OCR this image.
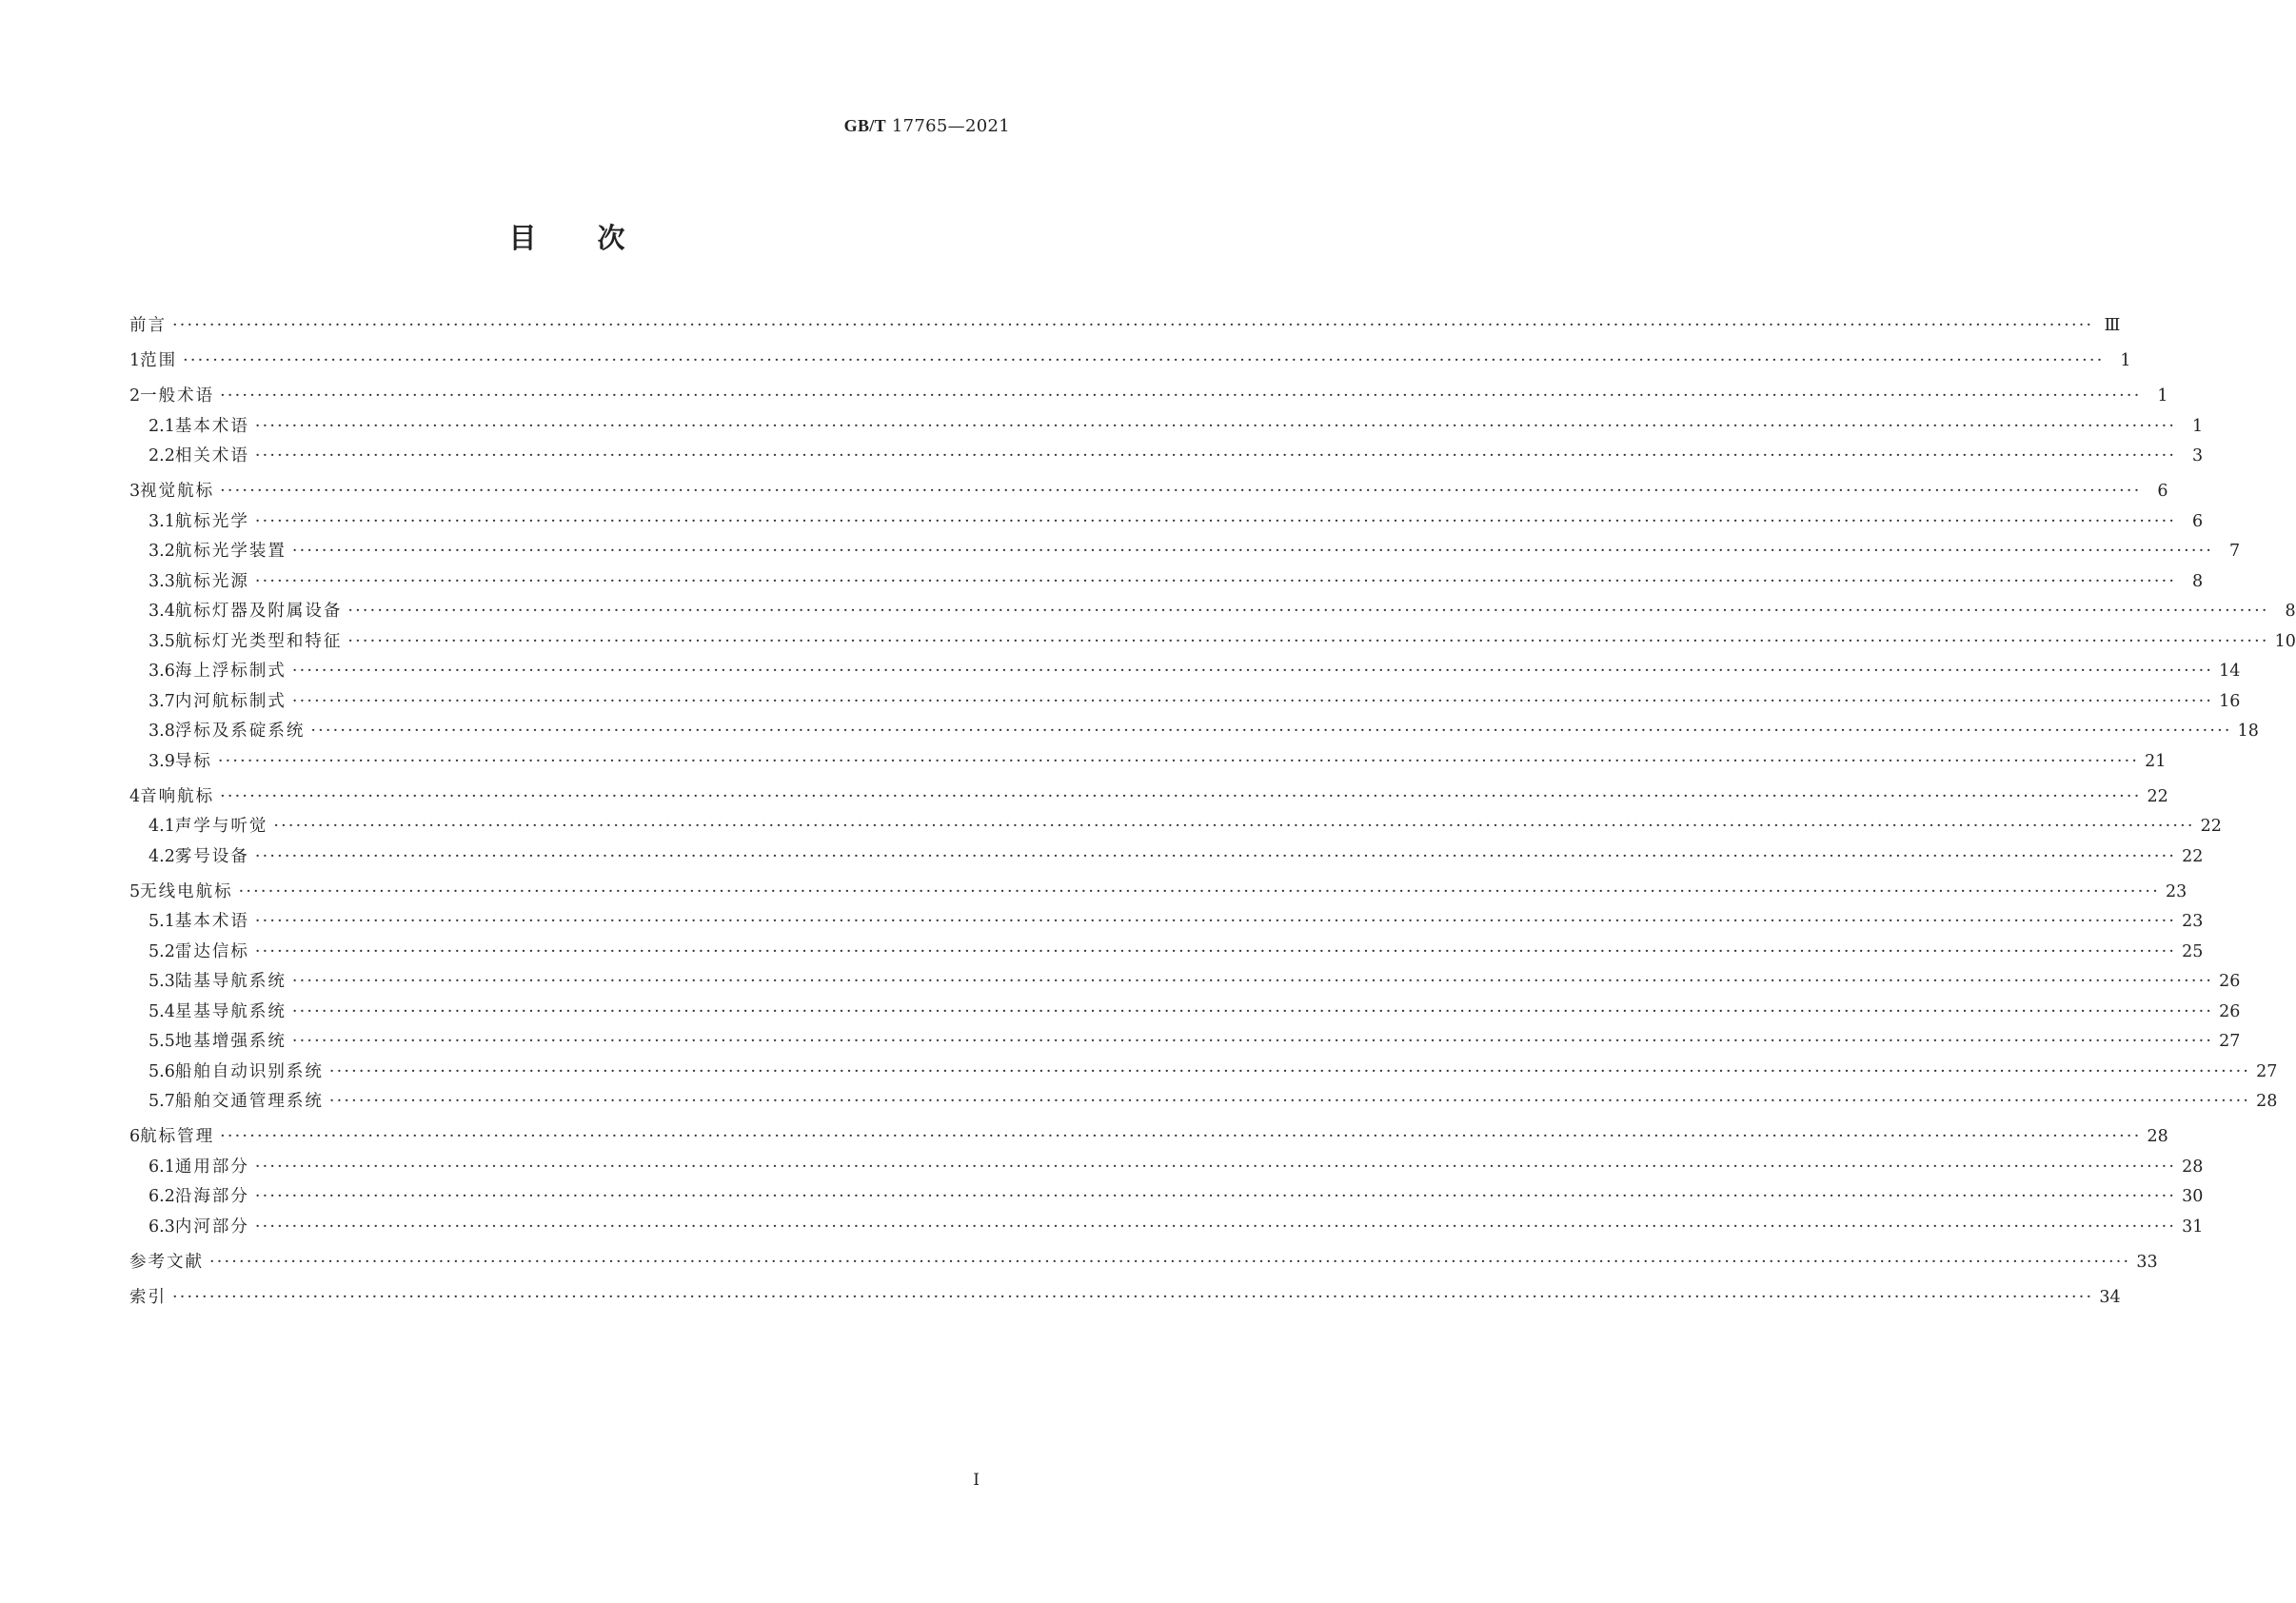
GB/T 17765—2021
目次
前言 ···································································································································································································································································· Ⅲ
1 范围 ···································································································································································································································································· 1
2 一般术语 ···································································································································································································································································· 1
2.1 基本术语 ···································································································································································································································································· 1
2.2 相关术语 ···································································································································································································································································· 3
3 视觉航标 ···································································································································································································································································· 6
3.1 航标光学 ···································································································································································································································································· 6
3.2 航标光学装置 ···································································································································································································································································· 7
3.3 航标光源 ···································································································································································································································································· 8
3.4 航标灯器及附属设备 ···································································································································································································································································· 8
3.5 航标灯光类型和特征 ···································································································································································································································································· 10
3.6 海上浮标制式 ···································································································································································································································································· 14
3.7 内河航标制式 ···································································································································································································································································· 16
3.8 浮标及系碇系统 ···································································································································································································································································· 18
3.9 导标 ···································································································································································································································································· 21
4 音响航标 ···································································································································································································································································· 22
4.1 声学与听觉 ···································································································································································································································································· 22
4.2 雾号设备 ···································································································································································································································································· 22
5 无线电航标 ···································································································································································································································································· 23
5.1 基本术语 ···································································································································································································································································· 23
5.2 雷达信标 ···································································································································································································································································· 25
5.3 陆基导航系统 ···································································································································································································································································· 26
5.4 星基导航系统 ···································································································································································································································································· 26
5.5 地基增强系统 ···································································································································································································································································· 27
5.6 船舶自动识别系统 ···································································································································································································································································· 27
5.7 船舶交通管理系统 ···································································································································································································································································· 28
6 航标管理 ···································································································································································································································································· 28
6.1 通用部分 ···································································································································································································································································· 28
6.2 沿海部分 ···································································································································································································································································· 30
6.3 内河部分 ···································································································································································································································································· 31
参考文献 ···································································································································································································································································· 33
索引 ···································································································································································································································································· 34
I
